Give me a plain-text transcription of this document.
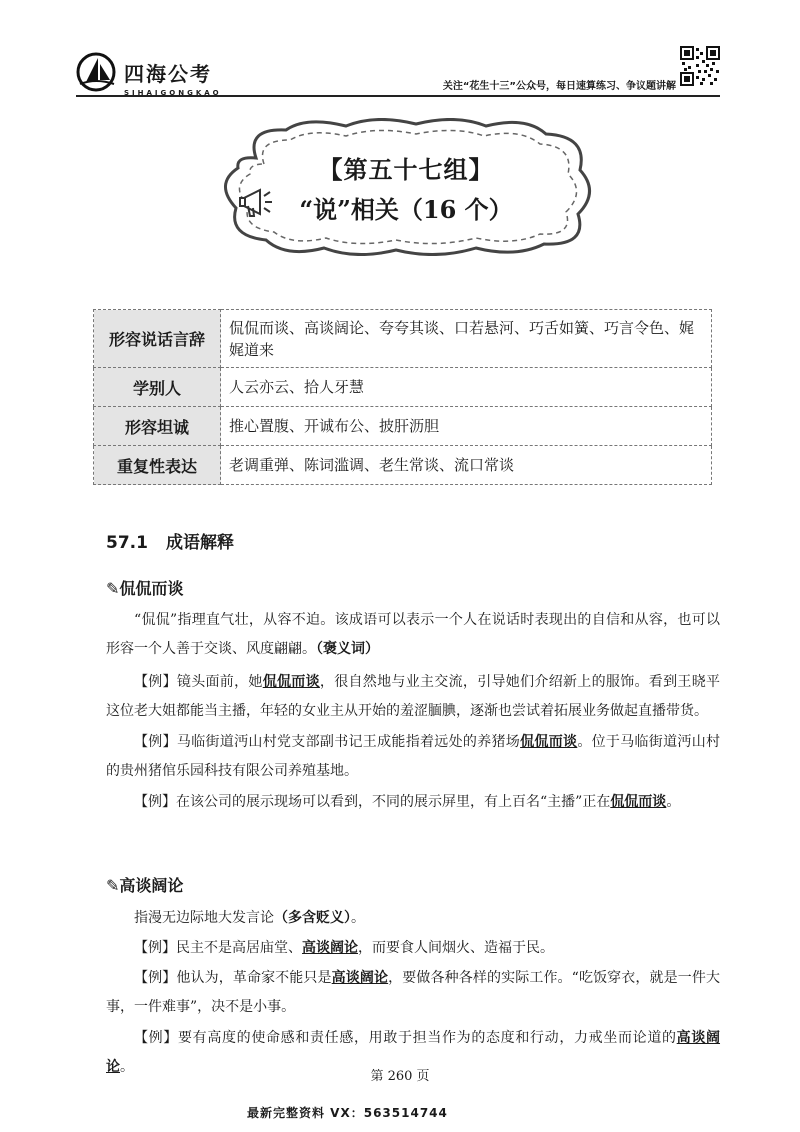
四海公考
SIHAIGONGKAO
关注“花生十三”公众号，每日速算练习、争议题讲解
【第五十七组】
“说”相关（16 个）
形容说话言辞	侃侃而谈、高谈阔论、夸夸其谈、口若悬河、巧舌如簧、巧言令色、娓娓道来
学别人	人云亦云、拾人牙慧
形容坦诚	推心置腹、开诚布公、披肝沥胆
重复性表达	老调重弹、陈词滥调、老生常谈、流口常谈
57.1 成语解释
✎侃侃而谈
“侃侃”指理直气壮，从容不迫。该成语可以表示一个人在说话时表现出的自信和从容，也可以形容一个人善于交谈、风度翩翩。（褒义词）
【例】镜头面前，她侃侃而谈，很自然地与业主交流，引导她们介绍新上的服饰。看到王晓平这位老大姐都能当主播，年轻的女业主从开始的羞涩腼腆，逐渐也尝试着拓展业务做起直播带货。
【例】马临街道沔山村党支部副书记王成能指着远处的养猪场侃侃而谈。位于马临街道沔山村的贵州猪倌乐园科技有限公司养殖基地。
【例】在该公司的展示现场可以看到，不同的展示屏里，有上百名“主播”正在侃侃而谈。
✎高谈阔论
指漫无边际地大发言论（多含贬义）。
【例】民主不是高居庙堂、高谈阔论，而要食人间烟火、造福于民。
【例】他认为，革命家不能只是高谈阔论，要做各种各样的实际工作。“吃饭穿衣，就是一件大事，一件难事”，决不是小事。
【例】要有高度的使命感和责任感，用敢于担当作为的态度和行动，力戒坐而论道的高谈阔论。
第 260 页
最新完整资料 VX：563514744
